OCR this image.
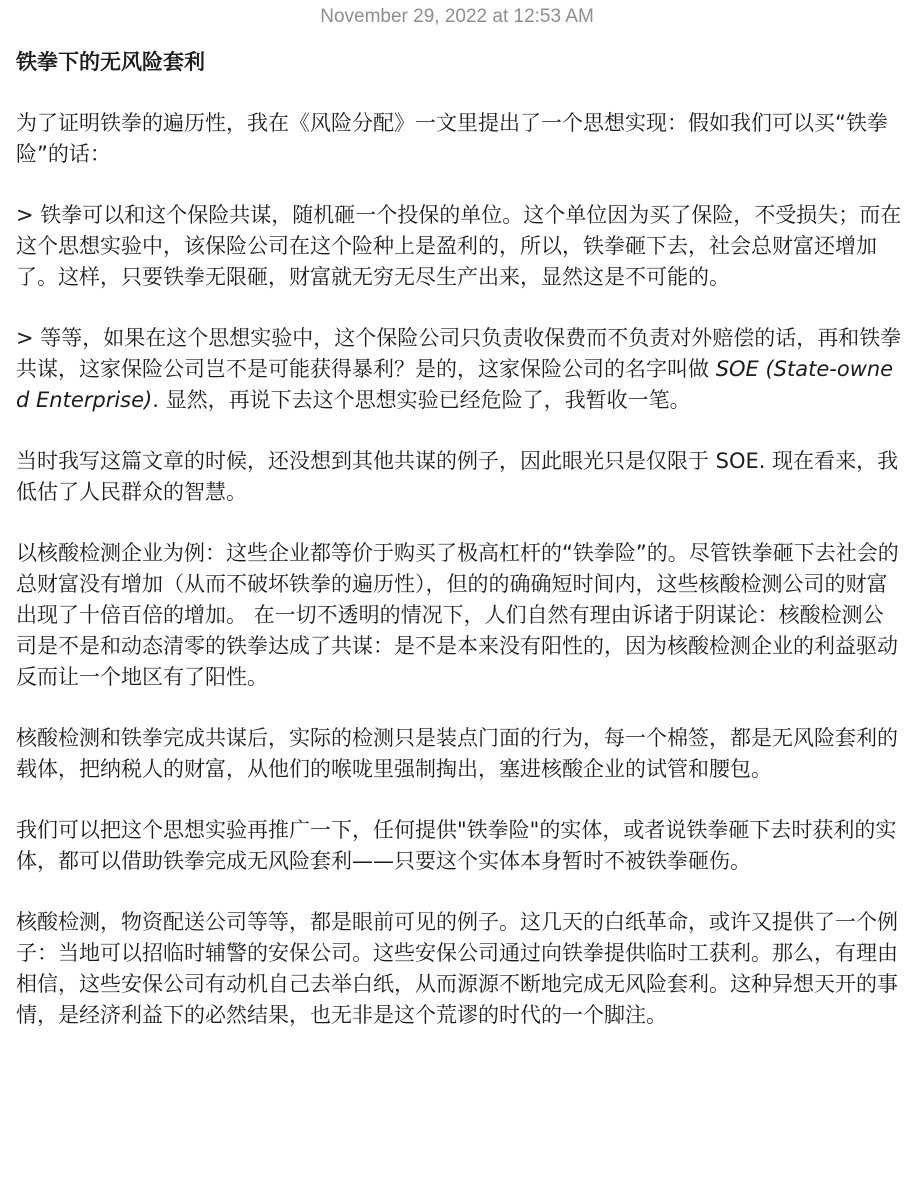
November 29, 2022 at 12:53 AM
铁拳下的无风险套利

为了证明铁拳的遍历性，我在《风险分配》一文里提出了一个思想实现：假如我们可以买“铁拳险”的话：

> 铁拳可以和这个保险共谋，随机砸一个投保的单位。这个单位因为买了保险，不受损失；而在这个思想实验中，该保险公司在这个险种上是盈利的，所以，铁拳砸下去，社会总财富还增加了。这样，只要铁拳无限砸，财富就无穷无尽生产出来，显然这是不可能的。

> 等等，如果在这个思想实验中，这个保险公司只负责收保费而不负责对外赔偿的话，再和铁拳共谋，这家保险公司岂不是可能获得暴利？是的，这家保险公司的名字叫做 SOE (State-owned Enterprise). 显然，再说下去这个思想实验已经危险了，我暂收一笔。

当时我写这篇文章的时候，还没想到其他共谋的例子，因此眼光只是仅限于 SOE. 现在看来，我低估了人民群众的智慧。

以核酸检测企业为例：这些企业都等价于购买了极高杠杆的“铁拳险”的。尽管铁拳砸下去社会的总财富没有增加（从而不破坏铁拳的遍历性），但的的确确短时间内，这些核酸检测公司的财富出现了十倍百倍的增加。 在一切不透明的情况下，人们自然有理由诉诸于阴谋论：核酸检测公司是不是和动态清零的铁拳达成了共谋：是不是本来没有阳性的，因为核酸检测企业的利益驱动反而让一个地区有了阳性。

核酸检测和铁拳完成共谋后，实际的检测只是装点门面的行为，每一个棉签，都是无风险套利的载体，把纳税人的财富，从他们的喉咙里强制掏出，塞进核酸企业的试管和腰包。

我们可以把这个思想实验再推广一下，任何提供"铁拳险"的实体，或者说铁拳砸下去时获利的实体，都可以借助铁拳完成无风险套利——只要这个实体本身暂时不被铁拳砸伤。

核酸检测，物资配送公司等等，都是眼前可见的例子。这几天的白纸革命，或许又提供了一个例子：当地可以招临时辅警的安保公司。这些安保公司通过向铁拳提供临时工获利。那么，有理由相信，这些安保公司有动机自己去举白纸，从而源源不断地完成无风险套利。这种异想天开的事情，是经济利益下的必然结果，也无非是这个荒谬的时代的一个脚注。
